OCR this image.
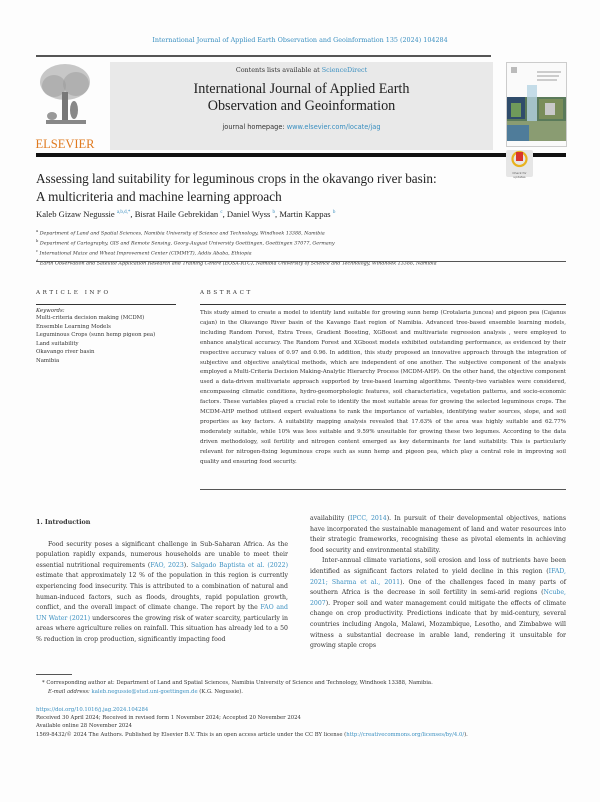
International Journal of Applied Earth Observation and Geoinformation 135 (2024) 104284
ELSEVIER
Contents lists available at ScienceDirect
International Journal of Applied Earth
Observation and Geoinformation
journal homepage: www.elsevier.com/locate/jag
Assessing land suitability for leguminous crops in the okavango river basin:
A multicriteria and machine learning approach
Check for updates
Kaleb Gizaw Negussie $^{a,b,d,*}$, Bisrat Haile Gebrekidan $^c$, Daniel Wyss $^b$, Martin Kappas $^b$
$^a$ Department of Land and Spatial Sciences, Namibia University of Science and Technology, Windhoek 13388, Namibia
$^b$ Department of Cartography, GIS and Remote Sensing, Georg-August University Goettingen, Goettingen 37077, Germany
$^c$ International Maize and Wheat Improvement Center (CIMMYT), Addis Ababa, Ethiopia
Earth Observation and Satellite Application Research and Training Centre (EOSA-RTC), Namibia University of Science and Technology, Windhoek 13388, Namibia
ARTICLE INFO
Keywords:
Multi-criteria decision making (MCDM)
Ensemble Learning Models
Leguminous Crops (sunn hemp pigeon pea)
Land suitability
Okavango river basin
Namibia
ABSTRACT
This study aimed to create a model to identify land suitable for growing sunn hemp (Crotalaria juncea) and pigeon pea (Cajanus cajan) in the Okavango River basin of the Kavango East region of Namibia. Advanced tree-based ensemble learning models, including Random Forest, Extra Trees, Gradient Boosting, XGBoost and multivariate regression analysis , were employed to enhance analytical accuracy. The Random Forest and XGboost models exhibited outstanding performance, as evidenced by their respective accuracy values of 0.97 and 0.96. In addition, this study proposed an innovative approach through the integration of subjective and objective analytical methods, which are independent of one another. The subjective component of the analysis employed a Multi-Criteria Decision Making-Analytic Hierarchy Process (MCDM-AHP). On the other hand, the objective component used a data-driven multivariate approach supported by tree-based learning algorithms. Twenty-two variables were considered, encompassing climatic conditions, hydro-geomorphologic features, soil characteristics, vegetation patterns, and socio-economic factors. These variables played a crucial role to identify the most suitable areas for growing the selected leguminous crops. The MCDM-AHP method utilised expert evaluations to rank the importance of variables, identifying water sources, slope, and soil properties as key factors. A suitability mapping analysis revealed that 17.63% of the area was highly suitable and 62.77% moderately suitable, while 10% was less suitable and 9.59% unsuitable for growing these two legumes. According to the data driven methodology, soil fertility and nitrogen content emerged as key determinants for land suitability. This is particularly relevant for nitrogen-fixing leguminous crops such as sunn hemp and pigeon pea, which play a central role in improving soil quality and ensuring food security.
1. Introduction
Food security poses a significant challenge in Sub-Saharan Africa. As the population rapidly expands, numerous households are unable to meet their essential nutritional requirements (FAO, 2023). Salgado Baptista et al. (2022) estimate that approximately 12 % of the population in this region is currently experiencing food insecurity. This is attributed to a combination of natural and human-induced factors, such as floods, droughts, rapid population growth, conflict, and the overall impact of climate change. The report by the FAO and UN Water (2021) underscores the growing risk of water scarcity, particularly in areas where agriculture relies on rainfall. This situation has already led to a 50 % reduction in crop production, significantly impacting food
availability (IPCC, 2014). In pursuit of their developmental objectives, nations have incorporated the sustainable management of land and water resources into their strategic frameworks, recognising these as pivotal elements in achieving food security and environmental stability.
Inter-annual climate variations, soil erosion and loss of nutrients have been identified as significant factors related to yield decline in this region (IFAD, 2021; Sharma et al., 2011). One of the challenges faced in many parts of southern Africa is the decrease in soil fertility in semi-arid regions (Ncube, 2007). Proper soil and water management could mitigate the effects of climate change on crop productivity. Predictions indicate that by mid-century, several countries including Angola, Malawi, Mozambique, Lesotho, and Zimbabwe will witness a substantial decrease in arable land, rendering it unsuitable for growing staple crops
* Corresponding author at: Department of Land and Spatial Sciences, Namibia University of Science and Technology, Windhoek 13388, Namibia.
E-mail address: kaleb.negussie@stud.uni-goettingen.de (K.G. Negussie).
https://doi.org/10.1016/j.jag.2024.104284
Received 30 April 2024; Received in revised form 1 November 2024; Accepted 20 November 2024
Available online 28 November 2024
1569-8432/© 2024 The Authors. Published by Elsevier B.V. This is an open access article under the CC BY license (http://creativecommons.org/licenses/by/4.0/).
